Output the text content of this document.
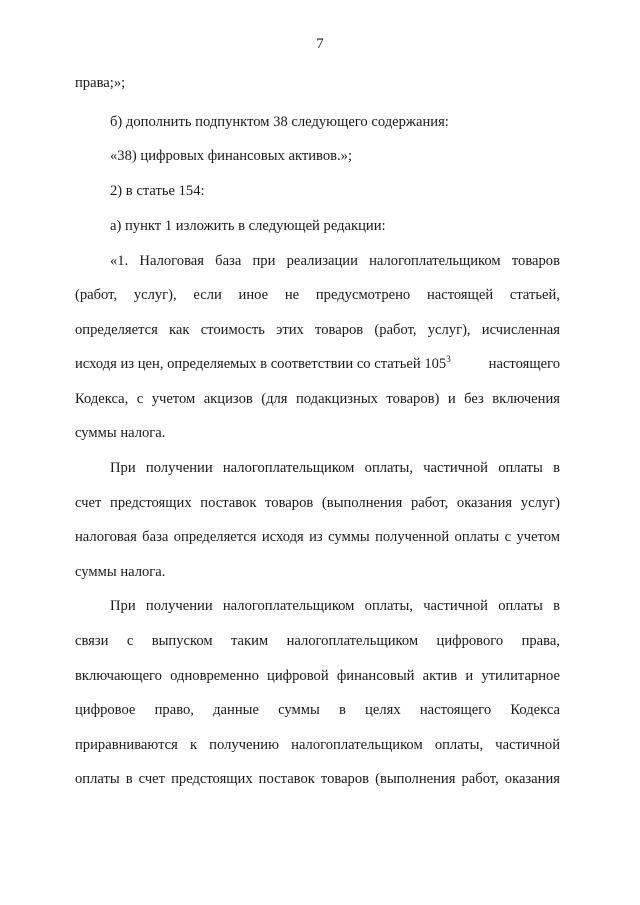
7
права;»;
б) дополнить подпунктом 38 следующего содержания:
«38) цифровых финансовых активов.»;
2) в статье 154:
а) пункт 1 изложить в следующей редакции:
«1. Налоговая база при реализации налогоплательщиком товаров
(работ, услуг), если иное не предусмотрено настоящей статьей,
определяется как стоимость этих товаров (работ, услуг), исчисленная
исходя из цен, определяемых в соответствии со статьей $105^3$	настоящего
Кодекса, с учетом акцизов (для подакцизных товаров) и без включения
суммы налога.
При получении налогоплательщиком оплаты, частичной оплаты в
счет предстоящих поставок товаров (выполнения работ, оказания услуг)
налоговая база определяется исходя из суммы полученной оплаты с учетом
суммы налога.
При получении налогоплательщиком оплаты, частичной оплаты в
связи с выпуском таким налогоплательщиком цифрового права,
включающего одновременно цифровой финансовый актив и утилитарное
цифровое право, данные суммы в целях настоящего Кодекса
приравниваются к получению налогоплательщиком оплаты, частичной
оплаты в счет предстоящих поставок товаров (выполнения работ, оказания
